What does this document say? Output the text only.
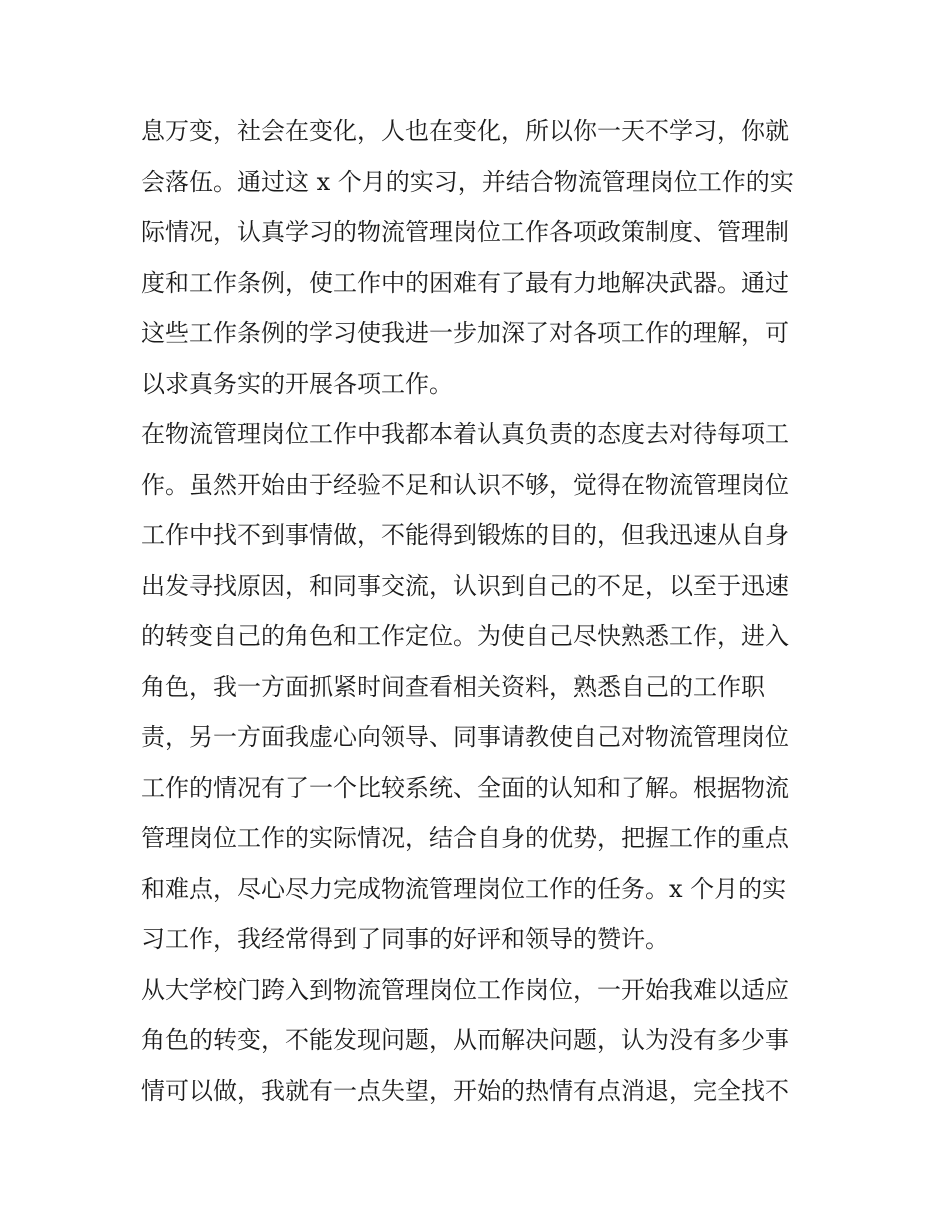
息万变，社会在变化，人也在变化，所以你一天不学习，你就
会落伍。通过这 x 个月的实习，并结合物流管理岗位工作的实
际情况，认真学习的物流管理岗位工作各项政策制度、管理制
度和工作条例，使工作中的困难有了最有力地解决武器。通过
这些工作条例的学习使我进一步加深了对各项工作的理解，可
以求真务实的开展各项工作。
在物流管理岗位工作中我都本着认真负责的态度去对待每项工
作。虽然开始由于经验不足和认识不够，觉得在物流管理岗位
工作中找不到事情做，不能得到锻炼的目的，但我迅速从自身
出发寻找原因，和同事交流，认识到自己的不足，以至于迅速
的转变自己的角色和工作定位。为使自己尽快熟悉工作，进入
角色，我一方面抓紧时间查看相关资料，熟悉自己的工作职
责，另一方面我虚心向领导、同事请教使自己对物流管理岗位
工作的情况有了一个比较系统、全面的认知和了解。根据物流
管理岗位工作的实际情况，结合自身的优势，把握工作的重点
和难点，尽心尽力完成物流管理岗位工作的任务。x 个月的实
习工作，我经常得到了同事的好评和领导的赞许。
从大学校门跨入到物流管理岗位工作岗位，一开始我难以适应
角色的转变，不能发现问题，从而解决问题，认为没有多少事
情可以做，我就有一点失望，开始的热情有点消退，完全找不
